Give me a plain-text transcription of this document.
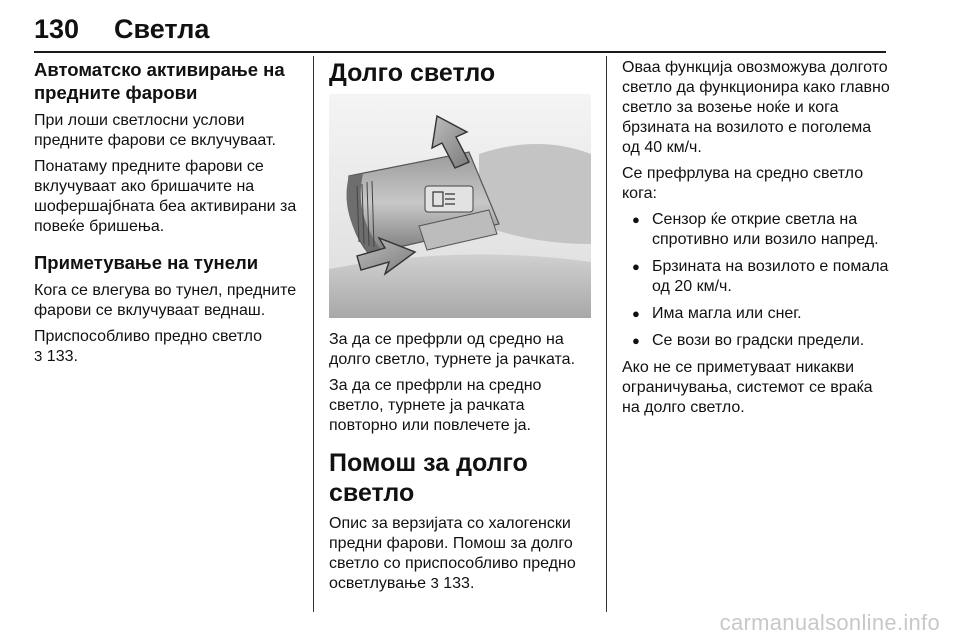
130 Светла
Автоматско активирање на предните фарови

При лоши светлосни услови предните фарови се вклучуваат.

Понатаму предните фарови се вклучуваат ако бришачите на шофершајбната беа активирани за повеќе бришења.

Приметување на тунели

Кога се влегува во тунел, предните фарови се вклучуваат веднаш.

Приспособливо предно светло
3 133.

Долго светло

За да се префрли од средно на долго светло, турнете ја рачката.

За да се префрли на средно светло, турнете ја рачката повторно или повлечете ја.

Помош за долго светло

Опис за верзијата со халогенски предни фарови. Помош за долго светло со приспособливо предно осветлување 3 133.

Оваа функција овозможува долгото светло да функционира како главно светло за возење ноќе и кога брзината на возилото е поголема од 40 км/ч.

Се префрлува на средно светло кога:

● Сензор ќе открие светла на спротивно или возило напред.
● Брзината на возилото е помала од 20 км/ч.
● Има магла или снег.
● Се вози во градски предели.

Ако не се приметуваат никакви ограничувања, системот се враќа на долго светло.

carmanualsonline.info
